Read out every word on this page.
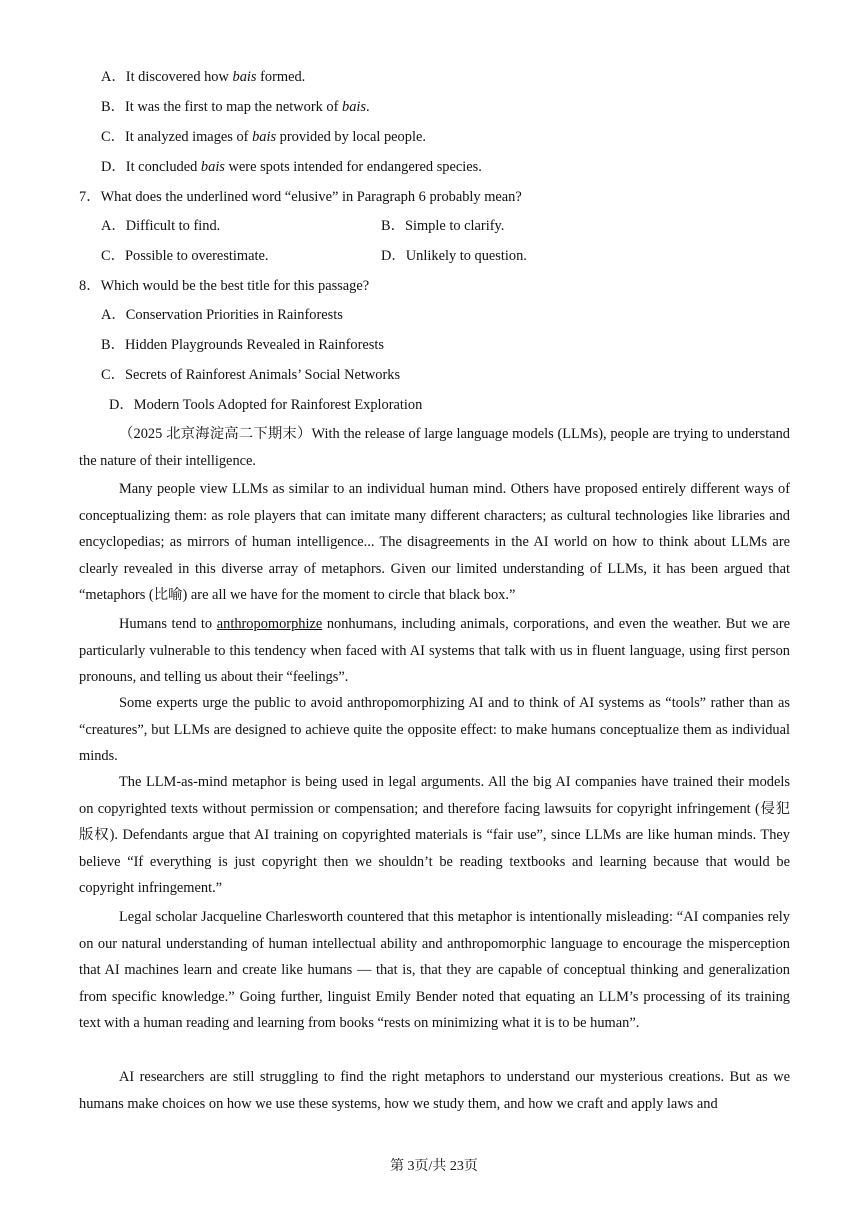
A．It discovered how bais formed.
B．It was the first to map the network of bais.
C．It analyzed images of bais provided by local people.
D．It concluded bais were spots intended for endangered species.
7．What does the underlined word “elusive” in Paragraph 6 probably mean?
A．Difficult to find.	B．Simple to clarify.
C．Possible to overestimate.	D．Unlikely to question.
8．Which would be the best title for this passage?
A．Conservation Priorities in Rainforests
B．Hidden Playgrounds Revealed in Rainforests
C．Secrets of Rainforest Animals’ Social Networks
D．Modern Tools Adopted for Rainforest Exploration

（2025 北京海淀高二下期末）With the release of large language models (LLMs), people are trying to understand the nature of their intelligence.

Many people view LLMs as similar to an individual human mind. Others have proposed entirely different ways of conceptualizing them: as role players that can imitate many different characters; as cultural technologies like libraries and encyclopedias; as mirrors of human intelligence... The disagreements in the AI world on how to think about LLMs are clearly revealed in this diverse array of metaphors. Given our limited understanding of LLMs, it has been argued that “metaphors (比喻) are all we have for the moment to circle that black box.”

Humans tend to anthropomorphize nonhumans, including animals, corporations, and even the weather. But we are particularly vulnerable to this tendency when faced with AI systems that talk with us in fluent language, using first person pronouns, and telling us about their “feelings”.

Some experts urge the public to avoid anthropomorphizing AI and to think of AI systems as “tools” rather than as “creatures”, but LLMs are designed to achieve quite the opposite effect: to make humans conceptualize them as individual minds.

The LLM-as-mind metaphor is being used in legal arguments. All the big AI companies have trained their models on copyrighted texts without permission or compensation; and therefore facing lawsuits for copyright infringement (侵犯版权). Defendants argue that AI training on copyrighted materials is “fair use”, since LLMs are like human minds. They believe “If everything is just copyright then we shouldn’t be reading textbooks and learning because that would be copyright infringement.”

Legal scholar Jacqueline Charlesworth countered that this metaphor is intentionally misleading: “AI companies rely on our natural understanding of human intellectual ability and anthropomorphic language to encourage the misperception that AI machines learn and create like humans — that is, that they are capable of conceptual thinking and generalization from specific knowledge.” Going further, linguist Emily Bender noted that equating an LLM’s processing of its training text with a human reading and learning from books “rests on minimizing what it is to be human”.

AI researchers are still struggling to find the right metaphors to understand our mysterious creations. But as we humans make choices on how we use these systems, how we study them, and how we craft and apply laws and

第 3页/共 23页
